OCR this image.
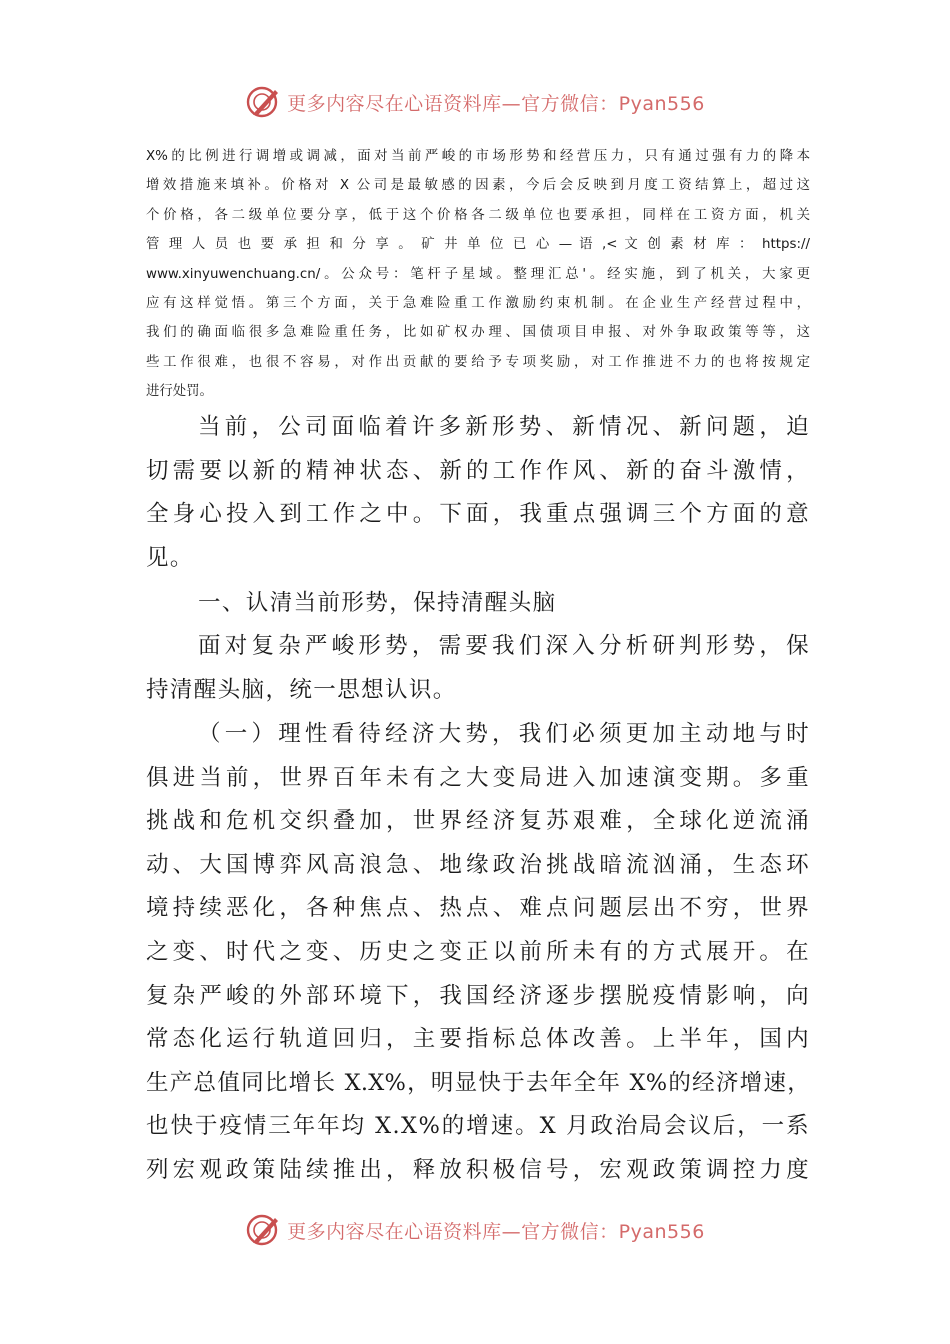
更多内容尽在心语资料库—官方微信：Pyan556
X%的比例进行调增或调减，面对当前严峻的市场形势和经营压力，只有通过强有力的降本
增效措施来填补。价格对 X 公司是最敏感的因素，今后会反映到月度工资结算上，超过这
个价格，各二级单位要分享，低于这个价格各二级单位也要承担，同样在工资方面，机关
管 理 人 员 也 要 承 担 和 分 享 。 矿 井 单 位 已 心 — 语 ,< 文 创 素 材 库 ： https://
www.xinyuwenchuang.cn/。公众号：笔杆子星域。整理汇总'。经实施，到了机关，大家更
应有这样觉悟。第三个方面，关于急难险重工作激励约束机制。在企业生产经营过程中，
我们的确面临很多急难险重任务，比如矿权办理、国债项目申报、对外争取政策等等，这
些工作很难，也很不容易，对作出贡献的要给予专项奖励，对工作推进不力的也将按规定
进行处罚。
当前，公司面临着许多新形势、新情况、新问题，迫
切需要以新的精神状态、新的工作作风、新的奋斗激情，
全身心投入到工作之中。下面，我重点强调三个方面的意
见。
一、认清当前形势，保持清醒头脑
面对复杂严峻形势，需要我们深入分析研判形势，保
持清醒头脑，统一思想认识。
（一）理性看待经济大势，我们必须更加主动地与时
俱进当前，世界百年未有之大变局进入加速演变期。多重
挑战和危机交织叠加，世界经济复苏艰难，全球化逆流涌
动、大国博弈风高浪急、地缘政治挑战暗流汹涌，生态环
境持续恶化，各种焦点、热点、难点问题层出不穷，世界
之变、时代之变、历史之变正以前所未有的方式展开。在
复杂严峻的外部环境下，我国经济逐步摆脱疫情影响，向
常态化运行轨道回归，主要指标总体改善。上半年，国内
生产总值同比增长 X.X%，明显快于去年全年 X%的经济增速，
也快于疫情三年年均 X.X%的增速。X 月政治局会议后，一系
列宏观政策陆续推出，释放积极信号，宏观政策调控力度
更多内容尽在心语资料库—官方微信：Pyan556
